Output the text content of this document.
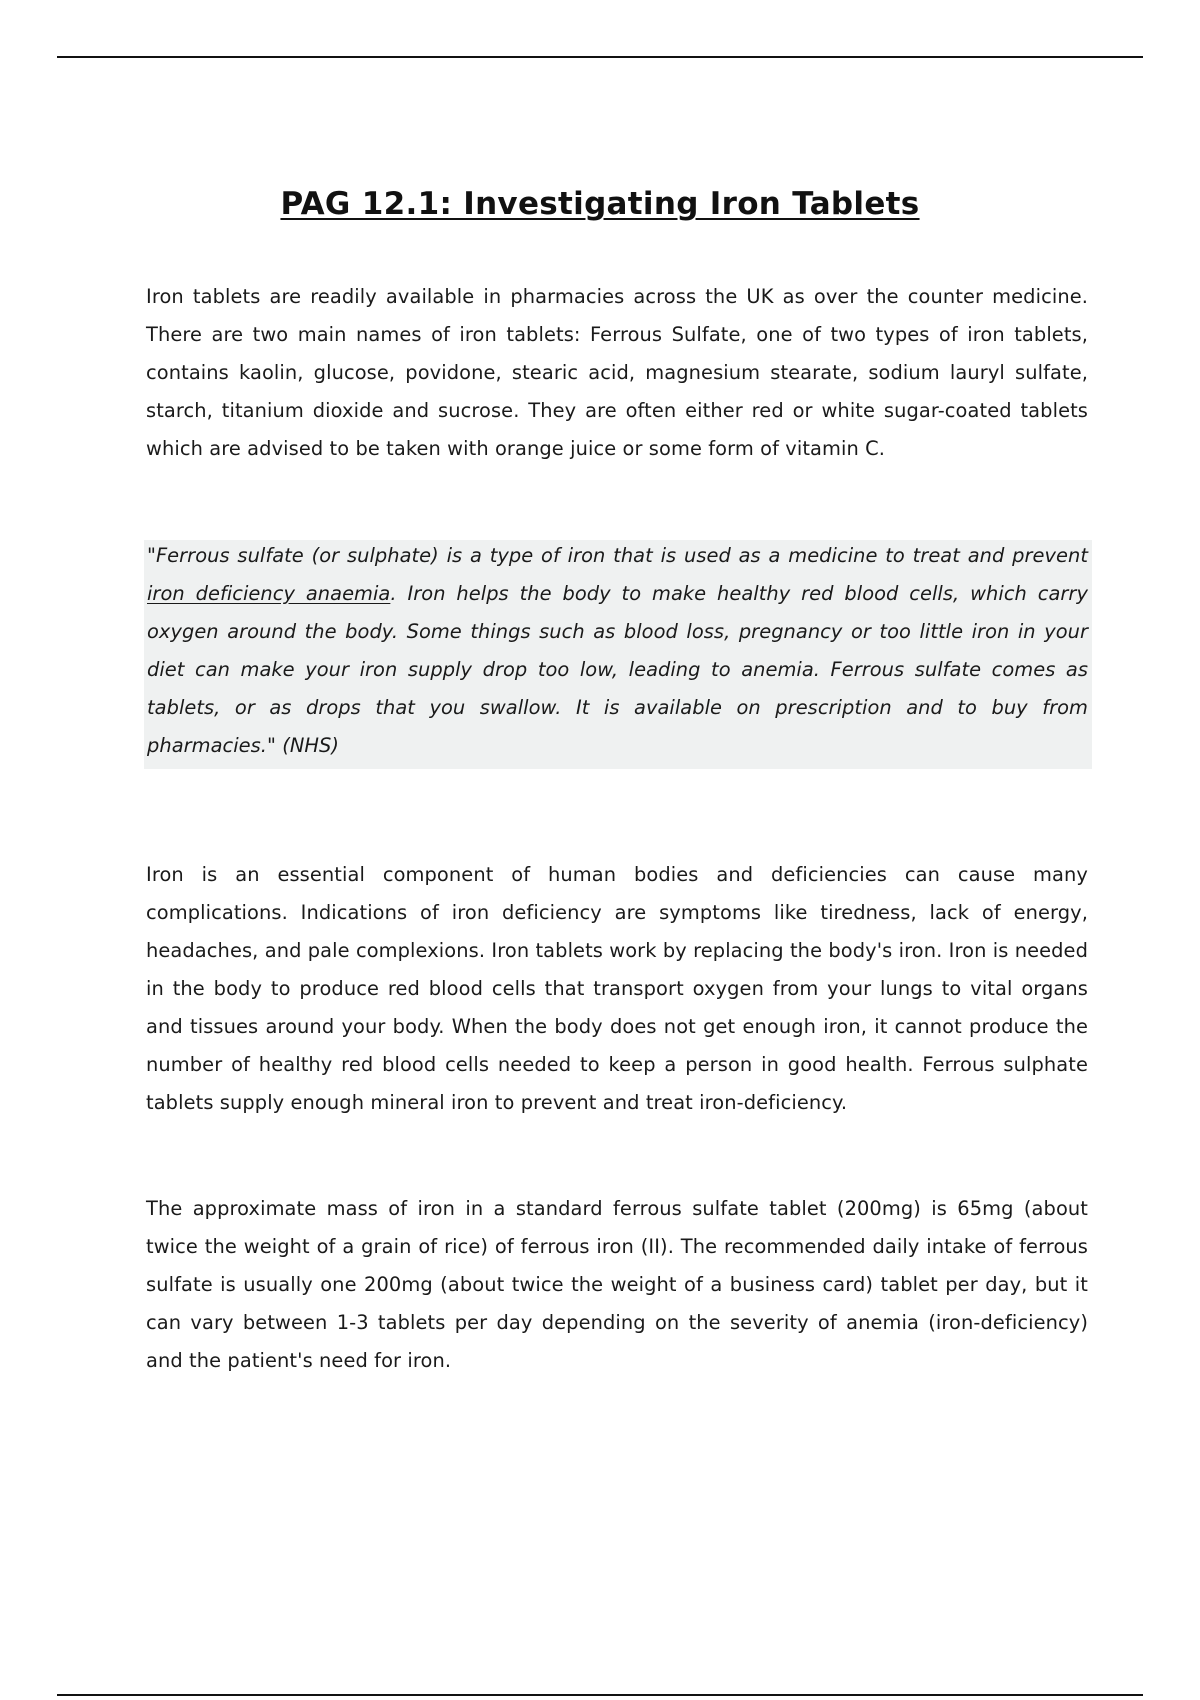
PAG 12.1: Investigating Iron Tablets

Iron tablets are readily available in pharmacies across the UK as over the counter medicine. There are two main names of iron tablets: Ferrous Sulfate, one of two types of iron tablets, contains kaolin, glucose, povidone, stearic acid, magnesium stearate, sodium lauryl sulfate, starch, titanium dioxide and sucrose. They are often either red or white sugar-coated tablets which are advised to be taken with orange juice or some form of vitamin C.

"Ferrous sulfate (or sulphate) is a type of iron that is used as a medicine to treat and prevent iron deficiency anaemia. Iron helps the body to make healthy red blood cells, which carry oxygen around the body. Some things such as blood loss, pregnancy or too little iron in your diet can make your iron supply drop too low, leading to anemia. Ferrous sulfate comes as tablets, or as drops that you swallow. It is available on prescription and to buy from pharmacies." (NHS)

Iron is an essential component of human bodies and deficiencies can cause many complications. Indications of iron deficiency are symptoms like tiredness, lack of energy, headaches, and pale complexions. Iron tablets work by replacing the body's iron. Iron is needed in the body to produce red blood cells that transport oxygen from your lungs to vital organs and tissues around your body. When the body does not get enough iron, it cannot produce the number of healthy red blood cells needed to keep a person in good health. Ferrous sulphate tablets supply enough mineral iron to prevent and treat iron-deficiency.

The approximate mass of iron in a standard ferrous sulfate tablet (200mg) is 65mg (about twice the weight of a grain of rice) of ferrous iron (II). The recommended daily intake of ferrous sulfate is usually one 200mg (about twice the weight of a business card) tablet per day, but it can vary between 1-3 tablets per day depending on the severity of anemia (iron-deficiency) and the patient's need for iron.
